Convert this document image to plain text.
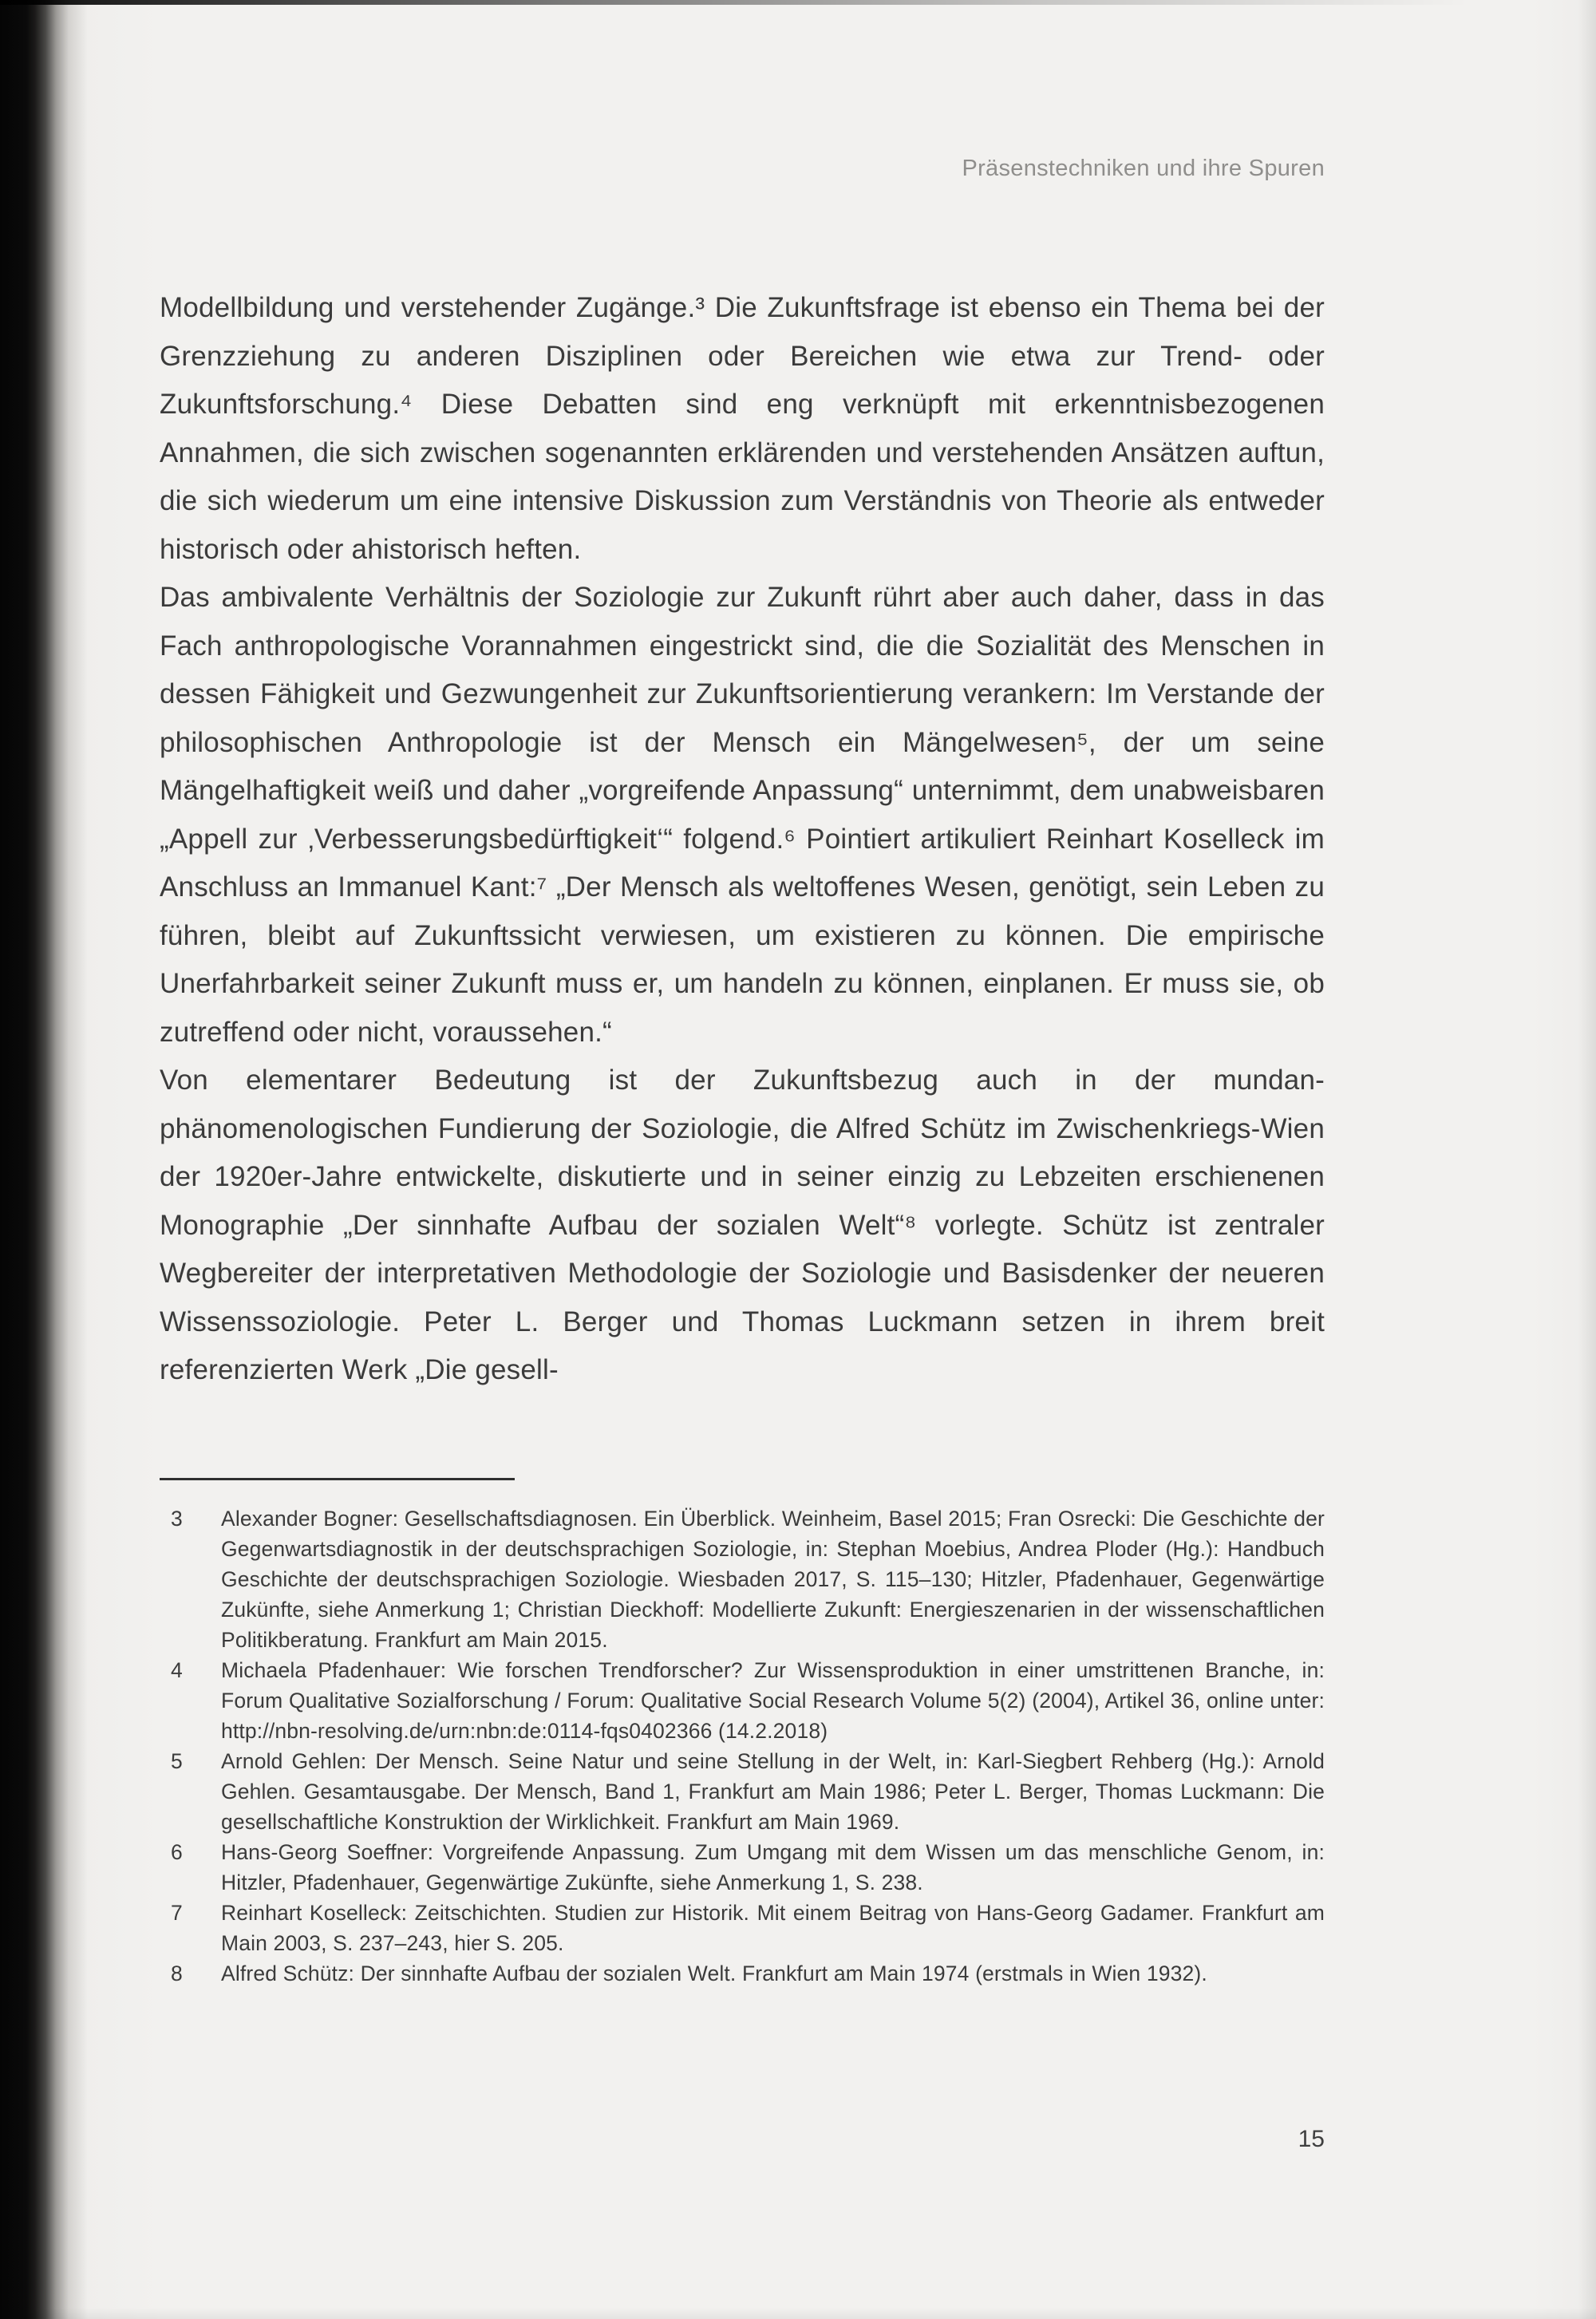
Präsenstechniken und ihre Spuren

Modellbildung und verstehender Zugänge.³ Die Zukunftsfrage ist ebenso ein Thema bei der Grenzziehung zu anderen Disziplinen oder Bereichen wie etwa zur Trend- oder Zukunftsforschung.⁴ Diese Debatten sind eng verknüpft mit erkenntnisbezogenen Annahmen, die sich zwischen sogenannten erklärenden und verstehenden Ansätzen auftun, die sich wiederum um eine intensive Diskussion zum Verständnis von Theorie als entweder historisch oder ahistorisch heften.

Das ambivalente Verhältnis der Soziologie zur Zukunft rührt aber auch daher, dass in das Fach anthropologische Vorannahmen eingestrickt sind, die die Sozialität des Menschen in dessen Fähigkeit und Gezwungenheit zur Zukunftsorientierung verankern: Im Verstande der philosophischen Anthropologie ist der Mensch ein Mängelwesen⁵, der um seine Mängelhaftigkeit weiß und daher „vorgreifende Anpassung“ unternimmt, dem unabweisbaren „Appell zur ‚Verbesserungsbedürftigkeit‘“ folgend.⁶ Pointiert artikuliert Reinhart Koselleck im Anschluss an Immanuel Kant:⁷ „Der Mensch als weltoffenes Wesen, genötigt, sein Leben zu führen, bleibt auf Zukunftssicht verwiesen, um existieren zu können. Die empirische Unerfahrbarkeit seiner Zukunft muss er, um handeln zu können, einplanen. Er muss sie, ob zutreffend oder nicht, voraussehen.“

Von elementarer Bedeutung ist der Zukunftsbezug auch in der mundan-phänomenologischen Fundierung der Soziologie, die Alfred Schütz im Zwischenkriegs-Wien der 1920er-Jahre entwickelte, diskutierte und in seiner einzig zu Lebzeiten erschienenen Monographie „Der sinnhafte Aufbau der sozialen Welt“⁸ vorlegte. Schütz ist zentraler Wegbereiter der interpretativen Methodologie der Soziologie und Basisdenker der neueren Wissenssoziologie. Peter L. Berger und Thomas Luckmann setzen in ihrem breit referenzierten Werk „Die gesell-

3	Alexander Bogner: Gesellschaftsdiagnosen. Ein Überblick. Weinheim, Basel 2015; Fran Osrecki: Die Geschichte der Gegenwartsdiagnostik in der deutschsprachigen Soziologie, in: Stephan Moebius, Andrea Ploder (Hg.): Handbuch Geschichte der deutschsprachigen Soziologie. Wiesbaden 2017, S. 115–130; Hitzler, Pfadenhauer, Gegenwärtige Zukünfte, siehe Anmerkung 1; Christian Dieckhoff: Modellierte Zukunft: Energieszenarien in der wissenschaftlichen Politikberatung. Frankfurt am Main 2015.
4	Michaela Pfadenhauer: Wie forschen Trendforscher? Zur Wissensproduktion in einer umstrittenen Branche, in: Forum Qualitative Sozialforschung / Forum: Qualitative Social Research Volume 5(2) (2004), Artikel 36, online unter: http://nbn-resolving.de/urn:nbn:de:0114-fqs0402366 (14.2.2018)
5	Arnold Gehlen: Der Mensch. Seine Natur und seine Stellung in der Welt, in: Karl-Siegbert Rehberg (Hg.): Arnold Gehlen. Gesamtausgabe. Der Mensch, Band 1, Frankfurt am Main 1986; Peter L. Berger, Thomas Luckmann: Die gesellschaftliche Konstruktion der Wirklichkeit. Frankfurt am Main 1969.
6	Hans-Georg Soeffner: Vorgreifende Anpassung. Zum Umgang mit dem Wissen um das menschliche Genom, in: Hitzler, Pfadenhauer, Gegenwärtige Zukünfte, siehe Anmerkung 1, S. 238.
7	Reinhart Koselleck: Zeitschichten. Studien zur Historik. Mit einem Beitrag von Hans-Georg Gadamer. Frankfurt am Main 2003, S. 237–243, hier S. 205.
8	Alfred Schütz: Der sinnhafte Aufbau der sozialen Welt. Frankfurt am Main 1974 (erstmals in Wien 1932).
15
